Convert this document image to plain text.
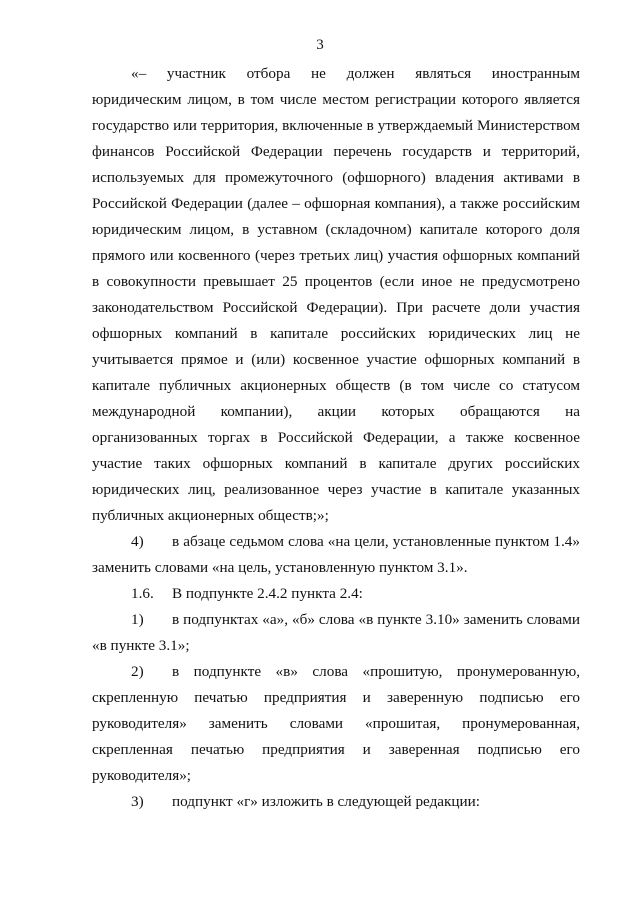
3
«– участник отбора не должен являться иностранным
юридическим лицом, в том числе местом регистрации которого является
государство или территория, включенные в утверждаемый Министерством
финансов Российской Федерации перечень государств и территорий,
используемых для промежуточного (офшорного) владения активами в
Российской Федерации (далее – офшорная компания), а также российским
юридическим лицом, в уставном (складочном) капитале которого доля
прямого или косвенного (через третьих лиц) участия офшорных компаний
в совокупности превышает 25 процентов (если иное не предусмотрено
законодательством Российской Федерации). При расчете доли участия
офшорных компаний в капитале российских юридических лиц не
учитывается прямое и (или) косвенное участие офшорных компаний в
капитале публичных акционерных обществ (в том числе со статусом
международной компании), акции которых обращаются на
организованных торгах в Российской Федерации, а также косвенное
участие таких офшорных компаний в капитале других российских
юридических лиц, реализованное через участие в капитале указанных
публичных акционерных обществ;»;
4) в абзаце седьмом слова «на цели, установленные пунктом 1.4»
заменить словами «на цель, установленную пунктом 3.1».
1.6. В подпункте 2.4.2 пункта 2.4:
1) в подпунктах «а», «б» слова «в пункте 3.10» заменить словами
«в пункте 3.1»;
2) в подпункте «в» слова «прошитую, пронумерованную,
скрепленную печатью предприятия и заверенную подписью его
руководителя» заменить словами «прошитая, пронумерованная,
скрепленная печатью предприятия и заверенная подписью его
руководителя»;
3) подпункт «г» изложить в следующей редакции:
